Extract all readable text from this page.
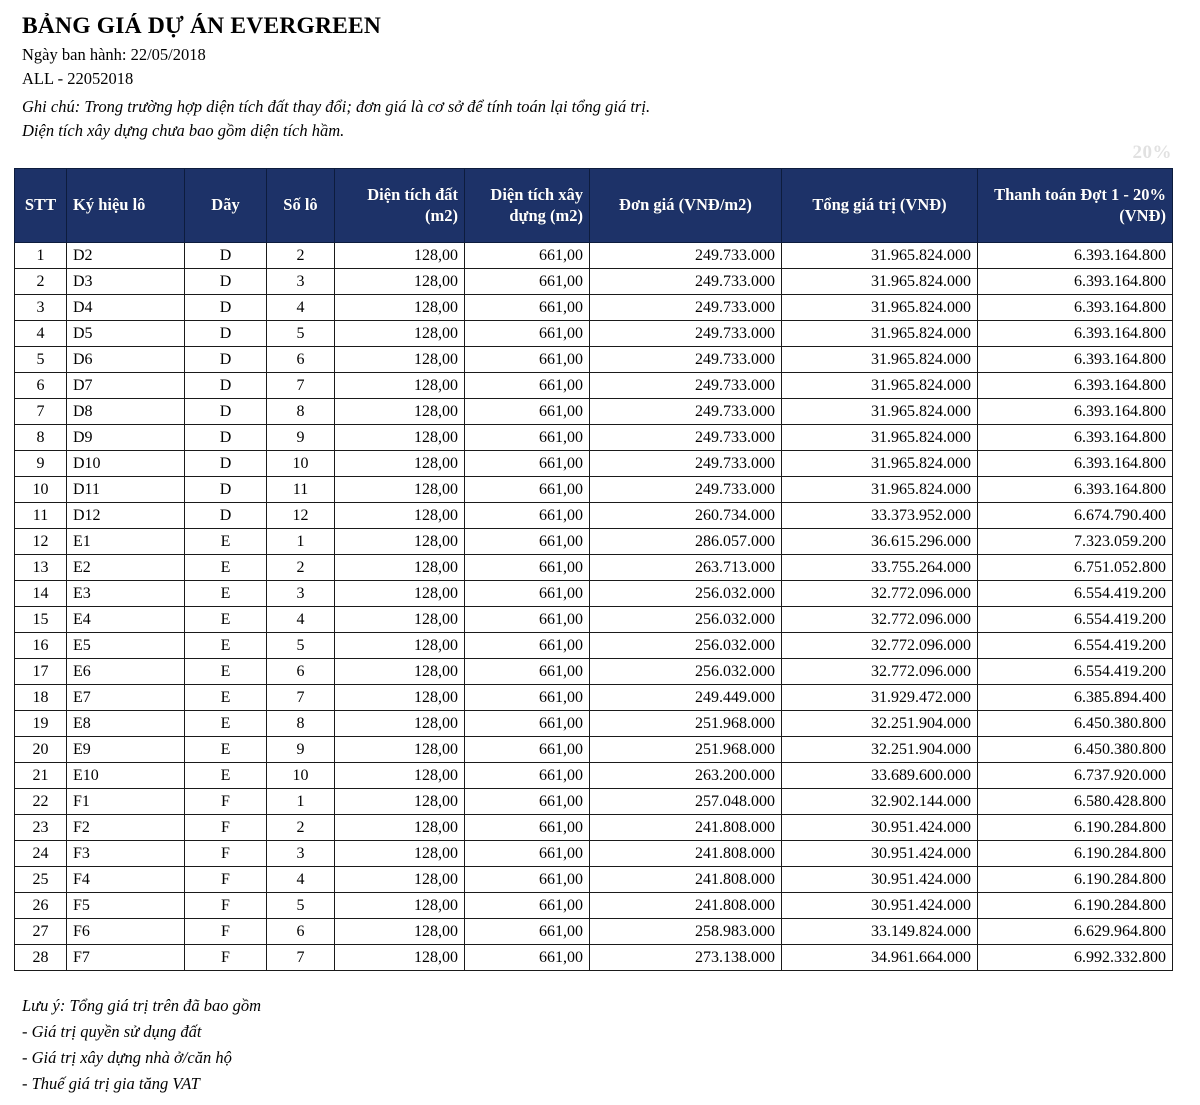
BẢNG GIÁ DỰ ÁN EVERGREEN

Ngày ban hành: 22/05/2018

ALL - 22052018

Ghi chú: Trong trường hợp diện tích đất thay đổi; đơn giá là cơ sở để tính toán lại tổng giá trị.

Diện tích xây dựng chưa bao gồm diện tích hầm.

20%
STT	Ký hiệu lô	Dãy	Số lô	Diện tích đất (m2)	Diện tích xây dựng (m2)	Đơn giá (VNĐ/m2)	Tổng giá trị (VNĐ)	Thanh toán Đợt 1 - 20% (VNĐ)
1	D2	D	2	128,00	661,00	249.733.000	31.965.824.000	6.393.164.800
2	D3	D	3	128,00	661,00	249.733.000	31.965.824.000	6.393.164.800
3	D4	D	4	128,00	661,00	249.733.000	31.965.824.000	6.393.164.800
4	D5	D	5	128,00	661,00	249.733.000	31.965.824.000	6.393.164.800
5	D6	D	6	128,00	661,00	249.733.000	31.965.824.000	6.393.164.800
6	D7	D	7	128,00	661,00	249.733.000	31.965.824.000	6.393.164.800
7	D8	D	8	128,00	661,00	249.733.000	31.965.824.000	6.393.164.800
8	D9	D	9	128,00	661,00	249.733.000	31.965.824.000	6.393.164.800
9	D10	D	10	128,00	661,00	249.733.000	31.965.824.000	6.393.164.800
10	D11	D	11	128,00	661,00	249.733.000	31.965.824.000	6.393.164.800
11	D12	D	12	128,00	661,00	260.734.000	33.373.952.000	6.674.790.400
12	E1	E	1	128,00	661,00	286.057.000	36.615.296.000	7.323.059.200
13	E2	E	2	128,00	661,00	263.713.000	33.755.264.000	6.751.052.800
14	E3	E	3	128,00	661,00	256.032.000	32.772.096.000	6.554.419.200
15	E4	E	4	128,00	661,00	256.032.000	32.772.096.000	6.554.419.200
16	E5	E	5	128,00	661,00	256.032.000	32.772.096.000	6.554.419.200
17	E6	E	6	128,00	661,00	256.032.000	32.772.096.000	6.554.419.200
18	E7	E	7	128,00	661,00	249.449.000	31.929.472.000	6.385.894.400
19	E8	E	8	128,00	661,00	251.968.000	32.251.904.000	6.450.380.800
20	E9	E	9	128,00	661,00	251.968.000	32.251.904.000	6.450.380.800
21	E10	E	10	128,00	661,00	263.200.000	33.689.600.000	6.737.920.000
22	F1	F	1	128,00	661,00	257.048.000	32.902.144.000	6.580.428.800
23	F2	F	2	128,00	661,00	241.808.000	30.951.424.000	6.190.284.800
24	F3	F	3	128,00	661,00	241.808.000	30.951.424.000	6.190.284.800
25	F4	F	4	128,00	661,00	241.808.000	30.951.424.000	6.190.284.800
26	F5	F	5	128,00	661,00	241.808.000	30.951.424.000	6.190.284.800
27	F6	F	6	128,00	661,00	258.983.000	33.149.824.000	6.629.964.800
28	F7	F	7	128,00	661,00	273.138.000	34.961.664.000	6.992.332.800
Lưu ý: Tổng giá trị trên đã bao gồm
- Giá trị quyền sử dụng đất
- Giá trị xây dựng nhà ở/căn hộ
- Thuế giá trị gia tăng VAT
